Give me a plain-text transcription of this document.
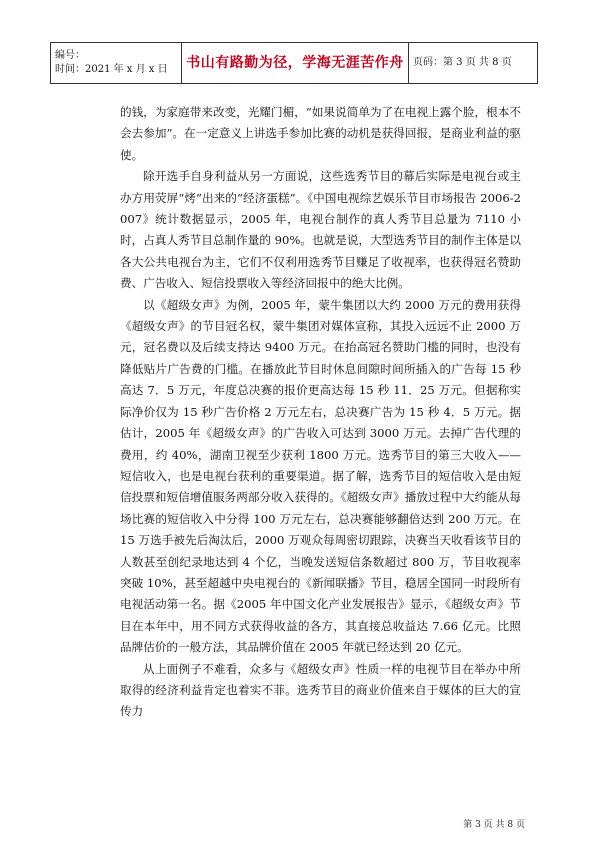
编号：
时间：2021 年 x 月 x 日	书山有路勤为径，学海无涯苦作舟	页码：第 3 页 共 8 页

的钱，为家庭带来改变，光耀门楣，“如果说简单为了在电视上露个脸，根本不会去参加”。在一定意义上讲选手参加比赛的动机是获得回报，是商业利益的驱使。

除开选手自身利益从另一方面说，这些选秀节目的幕后实际是电视台或主办方用荧屏“烤”出来的“经济蛋糕”。《中国电视综艺娱乐节目市场报告 2006-2007》统计数据显示，2005 年，电视台制作的真人秀节目总量为 7110 小时，占真人秀节目总制作量的 90%。也就是说，大型选秀节目的制作主体是以各大公共电视台为主，它们不仅利用选秀节目赚足了收视率，也获得冠名赞助费、广告收入、短信投票收入等经济回报中的绝大比例。

以《超级女声》为例，2005 年，蒙牛集团以大约 2000 万元的费用获得《超级女声》的节目冠名权，蒙牛集团对媒体宣称，其投入远远不止 2000 万元，冠名费以及后续支持达 9400 万元。在抬高冠名赞助门槛的同时，也没有降低贴片广告费的门槛。在播放此节目时休息间隙时间所插入的广告每 15 秒高达 7．5 万元，年度总决赛的报价更高达每 15 秒 11．25 万元。但据称实际净价仅为 15 秒广告价格 2 万元左右，总决赛广告为 15 秒 4．5 万元。据估计，2005 年《超级女声》的广告收入可达到 3000 万元。去掉广告代理的费用，约 40%，湖南卫视至少获利 1800 万元。选秀节目的第三大收入——短信收入，也是电视台获利的重要渠道。据了解，选秀节目的短信收入是由短信投票和短信增值服务两部分收入获得的。《超级女声》播放过程中大约能从每场比赛的短信收入中分得 100 万元左右，总决赛能够翻倍达到 200 万元。在 15 万选手被先后淘汰后，2000 万观众每周密切跟踪，决赛当天收看该节目的人数甚至创纪录地达到 4 个亿，当晚发送短信条数超过 800 万，节目收视率突破 10%，甚至超越中央电视台的《新闻联播》节目，稳居全国同一时段所有电视活动第一名。据《2005 年中国文化产业发展报告》显示，《超级女声》节目在本年中，用不同方式获得收益的各方，其直接总收益达 7.66 亿元。比照品牌估价的一般方法，其品牌价值在 2005 年就已经达到 20 亿元。

从上面例子不难看，众多与《超级女声》性质一样的电视节目在举办中所取得的经济利益肯定也着实不菲。选秀节目的商业价值来自于媒体的巨大的宣传力

第 3 页 共 8 页
